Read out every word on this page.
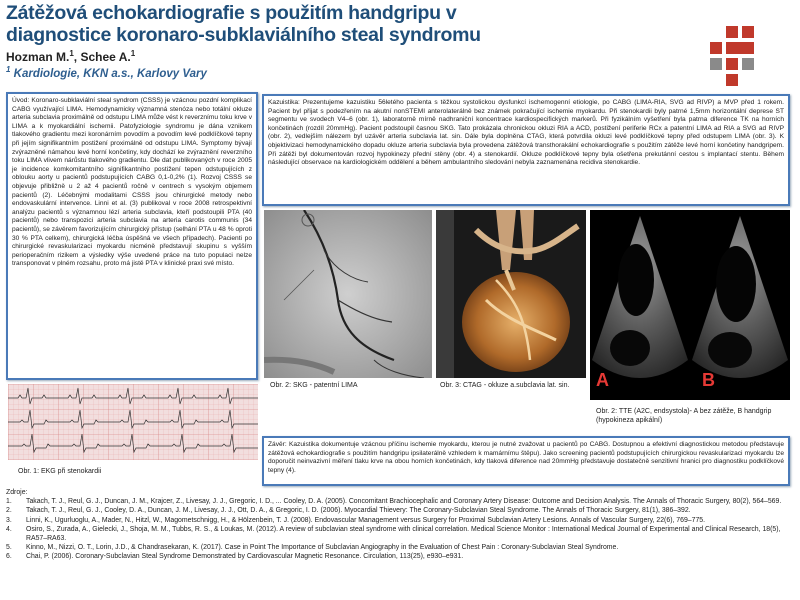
Zátěžová echokardiografie s použitím handgripu v diagnostice koronaro-subklaviálního steal syndromu
Hozman M.$^1$, Schee A.$^1$
$^1$ Kardiologie, KKN a.s., Karlovy Vary
Úvod: Koronaro-subklaviální steal syndrom (CSSS) je vzácnou pozdní komplikací CABG využívající LIMA. Hemodynamicky významná stenóza nebo totální okluze arteria subclavia proximálně od odstupu LIMA může vést k reverznímu toku krve v LIMA a k myokardiální ischemii. Patofyziologie syndromu je dána vznikem tlakového gradientu mezi koronárním povodím a povodím levé podklíčkové tepny při jejím signifikantním postižení proximálně od odstupu LIMA. Symptomy bývají zvýrazněné námahou levé horní končetiny, kdy dochází ke zvýraznění reverzního toku LIMA vlivem nárůstu tlakového gradientu. Dle dat publikovaných v roce 2005 je incidence komkomitantního signifikantního postižení tepen odstupujících z oblouku aorty u pacientů podstupujících CABG 0,1-0,2% (1). Rozvoj CSSS se objevuje přibližně u 2 až 4 pacientů ročně v centrech s vysokým objemem pacientů (2). Léčebnými modalitami CSSS jsou chirurgické metody nebo endovaskulární intervence. Linni et al. (3) publikoval v roce 2008 retrospektivní analýzu pacientů s významnou lézí arteria subclavia, kteří podstoupili PTA (40 pacientů) nebo transpozici arteria subclavia na arteria carotis communis (34 pacientů), se závěrem favorizujícím chirurgický přístup (selhání PTA u 48 % oproti 30 % PTA celkem), chirurgická léčba úspěšná ve všech případech). Pacienti po chirurgické revaskularizaci myokardu nicméně představují skupinu s vyšším perioperačním rizikem a výsledky výše uvedené práce na tuto populaci nelze transponovat v plném rozsahu, proto má jistě PTA v klinické praxi své místo.
Kazuistika: Prezentujeme kazuistiku 56letého pacienta s těžkou systolickou dysfunkcí ischemogenní etiologie, po CABG (LIMA-RIA, SVG ad RIVP) a MVP před 1 rokem. Pacient byl přijat s podezřením na akutní nonSTEMI anterolaterálně bez známek pokračující ischemie myokardu. Při stenokardii byly patrné 1,5mm horizontální deprese ST segmentu ve svodech V4–6 (obr. 1), laboratorně mírně nadhraniční koncentrace kardiospecifických markerů. Při fyzikálním vyšetření byla patrna diference TK na horních končetinách (rozdíl 20mmHg). Pacient podstoupil časnou SKG. Tato prokázala chronickou okluzi RIA a ACD, postižení periferie RCx a patentní LIMA ad RIA a SVG ad RIVP (obr. 2), vedlejším nálezem byl uzávěr arteria subclavia lat. sin. Dále byla doplněna CTAG, která potvrdila okluzi levé podklíčkové tepny před odstupem LIMA (obr. 3). K objektivizaci hemodynamického dopadu okluze arteria subclavia byla provedena zátěžová transthorakální echokardiografie s použitím zátěže levé horní končetiny handgripem. Při zátěži byl dokumentován rozvoj hypokinezy přední stěny (obr. 4) a stenokardií. Okluze podklíčkové tepny byla ošetřena prekutánní cestou s implantací stentu. Během následující observace na kardiologickém oddělení a během ambulantního sledování nebyla zaznamenána recidiva stenokardie.
Obr. 1: EKG při stenokardii
Obr. 2: SKG - patentní LIMA	Obr. 3: CTAG - okluze a.subclavia lat. sin.	A	B
Obr. 2: TTE (A2C, endsystola)- A bez zátěže, B handgrip (hypokineza apikální)
Závěr: Kazuistika dokumentuje vzácnou příčinu ischemie myokardu, kterou je nutné zvažovat u pacientů po CABG. Dostupnou a efektivní diagnostickou metodou představuje zátěžová echokardiografie s použitím handgripu ipsilaterálně vzhledem k mamárnímu štěpu). Jako screening pacientů podstupujících chirurgickou revaskularizaci myokardu lze doporučit neinvazivní měření tlaku krve na obou horních končetinách, kdy tlaková diference nad 20mmHg představuje dostatečně senzitivní hranici pro diagnostiku podklíčkové tepny (4).
Zdroje:
1. Takach, T. J., Reul, G. J., Duncan, J. M., Krajcer, Z., Livesay, J. J., Gregoric, I. D., ... Cooley, D. A. (2005). Concomitant Brachiocephalic and Coronary Artery Disease: Outcome and Decision Analysis. The Annals of Thoracic Surgery, 80(2), 564–569.
2. Takach, T. J., Reul, G. J., Cooley, D. A., Duncan, J. M., Livesay, J. J., Ott, D. A., & Gregoric, I. D. (2006). Myocardial Thievery: The Coronary-Subclavian Steal Syndrome. The Annals of Thoracic Surgery, 81(1), 386–392.
3. Linni, K., Ugurluoglu, A., Mader, N., Hitzl, W., Magometschnigg, H., & Hölzenbein, T. J. (2008). Endovascular Management versus Surgery for Proximal Subclavian Artery Lesions. Annals of Vascular Surgery, 22(6), 769–775.
4. Osiro, S., Zurada, A., Gielecki, J., Shoja, M. M., Tubbs, R. S., & Loukas, M. (2012). A review of subclavian steal syndrome with clinical correlation. Medical Science Monitor : International Medical Journal of Experimental and Clinical Research, 18(5), RA57–RA63.
5. Kinno, M., Nizzi, O. T., Lorin, J.D., & Chandrasekaran, K. (2017). Case in Point The Importance of Subclavian Angiography in the Evaluation of Chest Pain : Coronary-Subclavian Steal Syndrome.
6. Chai, P. (2006). Coronary-Subclavian Steal Syndrome Demonstrated by Cardiovascular Magnetic Resonance. Circulation, 113(25), e930–e931.
